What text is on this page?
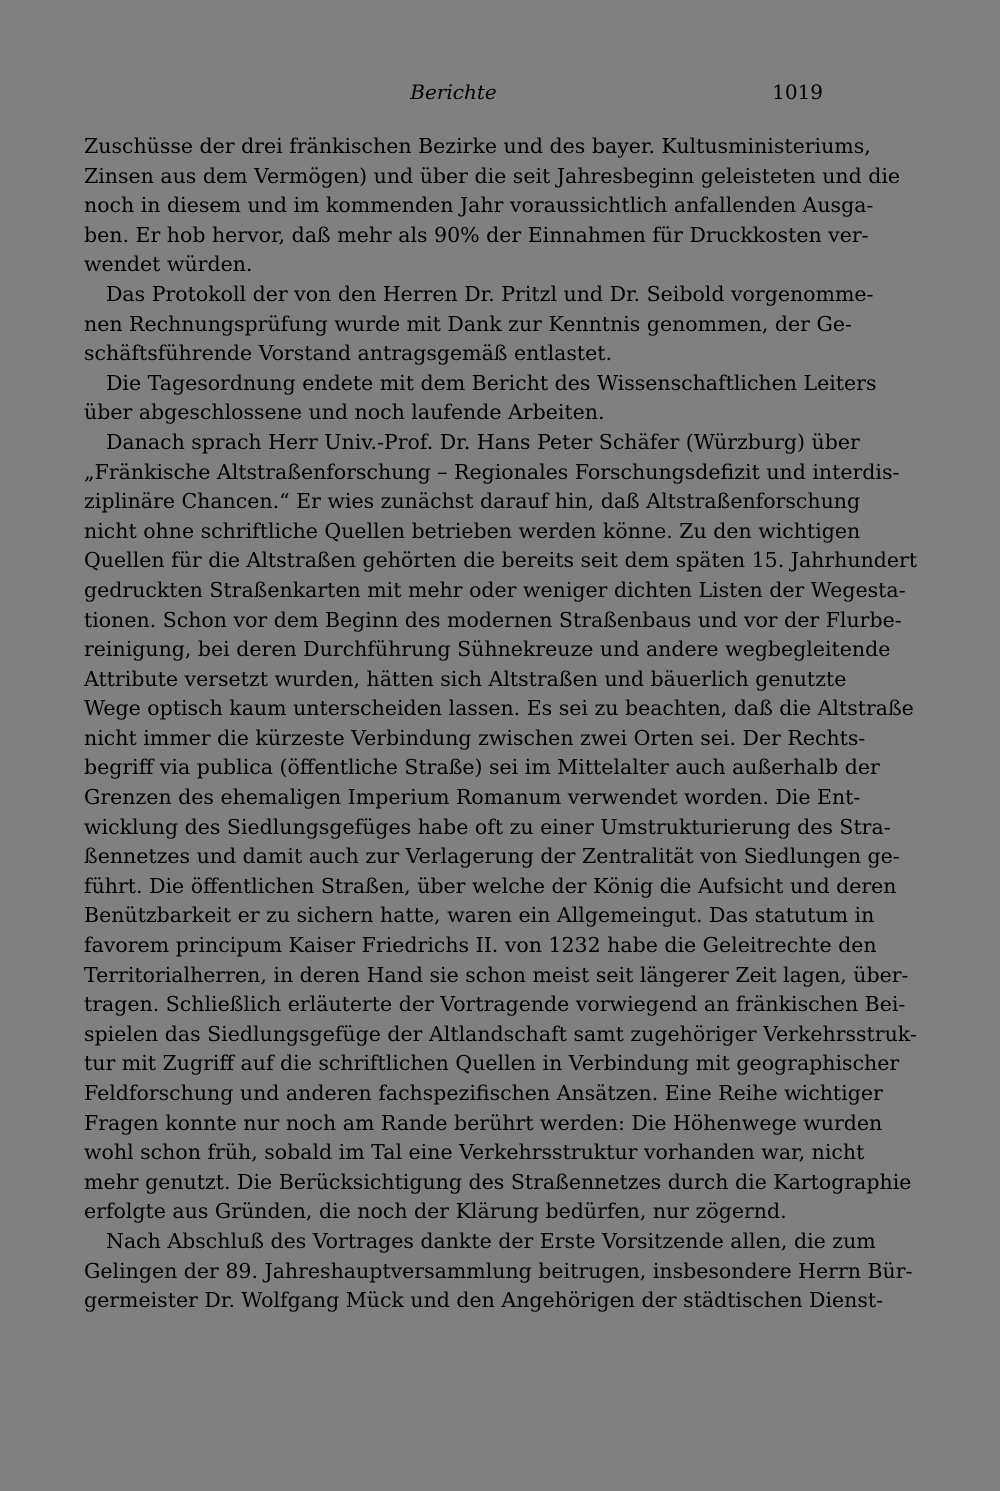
Berichte	1019
Zuschüsse der drei fränkischen Bezirke und des bayer. Kultusministeriums,
Zinsen aus dem Vermögen) und über die seit Jahresbeginn geleisteten und die
noch in diesem und im kommenden Jahr voraussichtlich anfallenden Ausga-
ben. Er hob hervor, daß mehr als 90% der Einnahmen für Druckkosten ver-
wendet würden.
Das Protokoll der von den Herren Dr. Pritzl und Dr. Seibold vorgenomme-
nen Rechnungsprüfung wurde mit Dank zur Kenntnis genommen, der Ge-
schäftsführende Vorstand antragsgemäß entlastet.
Die Tagesordnung endete mit dem Bericht des Wissenschaftlichen Leiters
über abgeschlossene und noch laufende Arbeiten.
Danach sprach Herr Univ.-Prof. Dr. Hans Peter Schäfer (Würzburg) über
„Fränkische Altstraßenforschung – Regionales Forschungsdefizit und interdis-
ziplinäre Chancen.“ Er wies zunächst darauf hin, daß Altstraßenforschung
nicht ohne schriftliche Quellen betrieben werden könne. Zu den wichtigen
Quellen für die Altstraßen gehörten die bereits seit dem späten 15. Jahrhundert
gedruckten Straßenkarten mit mehr oder weniger dichten Listen der Wegesta-
tionen. Schon vor dem Beginn des modernen Straßenbaus und vor der Flurbe-
reinigung, bei deren Durchführung Sühnekreuze und andere wegbegleitende
Attribute versetzt wurden, hätten sich Altstraßen und bäuerlich genutzte
Wege optisch kaum unterscheiden lassen. Es sei zu beachten, daß die Altstraße
nicht immer die kürzeste Verbindung zwischen zwei Orten sei. Der Rechts-
begriff via publica (öffentliche Straße) sei im Mittelalter auch außerhalb der
Grenzen des ehemaligen Imperium Romanum verwendet worden. Die Ent-
wicklung des Siedlungsgefüges habe oft zu einer Umstrukturierung des Stra-
ßennetzes und damit auch zur Verlagerung der Zentralität von Siedlungen ge-
führt. Die öffentlichen Straßen, über welche der König die Aufsicht und deren
Benützbarkeit er zu sichern hatte, waren ein Allgemeingut. Das statutum in
favorem principum Kaiser Friedrichs II. von 1232 habe die Geleitrechte den
Territorialherren, in deren Hand sie schon meist seit längerer Zeit lagen, über-
tragen. Schließlich erläuterte der Vortragende vorwiegend an fränkischen Bei-
spielen das Siedlungsgefüge der Altlandschaft samt zugehöriger Verkehrsstruk-
tur mit Zugriff auf die schriftlichen Quellen in Verbindung mit geographischer
Feldforschung und anderen fachspezifischen Ansätzen. Eine Reihe wichtiger
Fragen konnte nur noch am Rande berührt werden: Die Höhenwege wurden
wohl schon früh, sobald im Tal eine Verkehrsstruktur vorhanden war, nicht
mehr genutzt. Die Berücksichtigung des Straßennetzes durch die Kartographie
erfolgte aus Gründen, die noch der Klärung bedürfen, nur zögernd.
Nach Abschluß des Vortrages dankte der Erste Vorsitzende allen, die zum
Gelingen der 89. Jahreshauptversammlung beitrugen, insbesondere Herrn Bür-
germeister Dr. Wolfgang Mück und den Angehörigen der städtischen Dienst-
